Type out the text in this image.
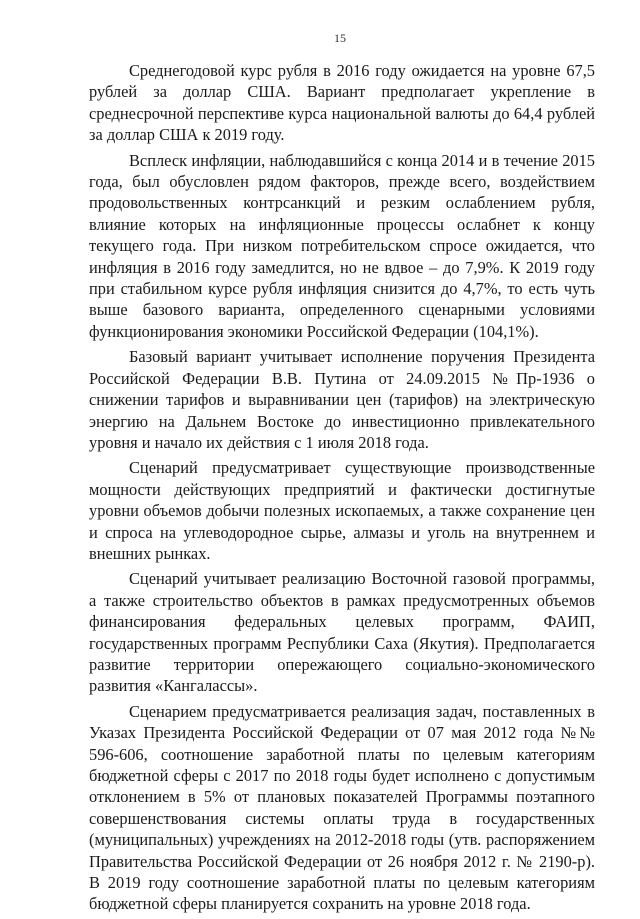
15

Среднегодовой курс рубля в 2016 году ожидается на уровне 67,5 рублей за доллар США. Вариант предполагает укрепление в среднесрочной перспективе курса национальной валюты до 64,4 рублей за доллар США к 2019 году.

Всплеск инфляции, наблюдавшийся с конца 2014 и в течение 2015 года, был обусловлен рядом факторов, прежде всего, воздействием продовольственных контрсанкций и резким ослаблением рубля, влияние которых на инфляционные процессы ослабнет к концу текущего года. При низком потребительском спросе ожидается, что инфляция в 2016 году замедлится, но не вдвое – до 7,9%. К 2019 году при стабильном курсе рубля инфляция снизится до 4,7%, то есть чуть выше базового варианта, определенного сценарными условиями функционирования экономики Российской Федерации (104,1%).

Базовый вариант учитывает исполнение поручения Президента Российской Федерации В.В. Путина от 24.09.2015 №Пр-1936 о снижении тарифов и выравнивании цен (тарифов) на электрическую энергию на Дальнем Востоке до инвестиционно привлекательного уровня и начало их действия с 1 июля 2018 года.

Сценарий предусматривает существующие производственные мощности действующих предприятий и фактически достигнутые уровни объемов добычи полезных ископаемых, а также сохранение цен и спроса на углеводородное сырье, алмазы и уголь на внутреннем и внешних рынках.

Сценарий учитывает реализацию Восточной газовой программы, а также строительство объектов в рамках предусмотренных объемов финансирования федеральных целевых программ, ФАИП, государственных программ Республики Саха (Якутия). Предполагается развитие территории опережающего социально-экономического развития «Кангалассы».

Сценарием предусматривается реализация задач, поставленных в Указах Президента Российской Федерации от 07 мая 2012 года №№ 596-606, соотношение заработной платы по целевым категориям бюджетной сферы с 2017 по 2018 годы будет исполнено с допустимым отклонением в 5% от плановых показателей Программы поэтапного совершенствования системы оплаты труда в государственных (муниципальных) учреждениях на 2012-2018 годы (утв. распоряжением Правительства Российской Федерации от 26 ноября 2012 г. № 2190-р). В 2019 году соотношение заработной платы по целевым категориям бюджетной сферы планируется сохранить на уровне 2018 года.
